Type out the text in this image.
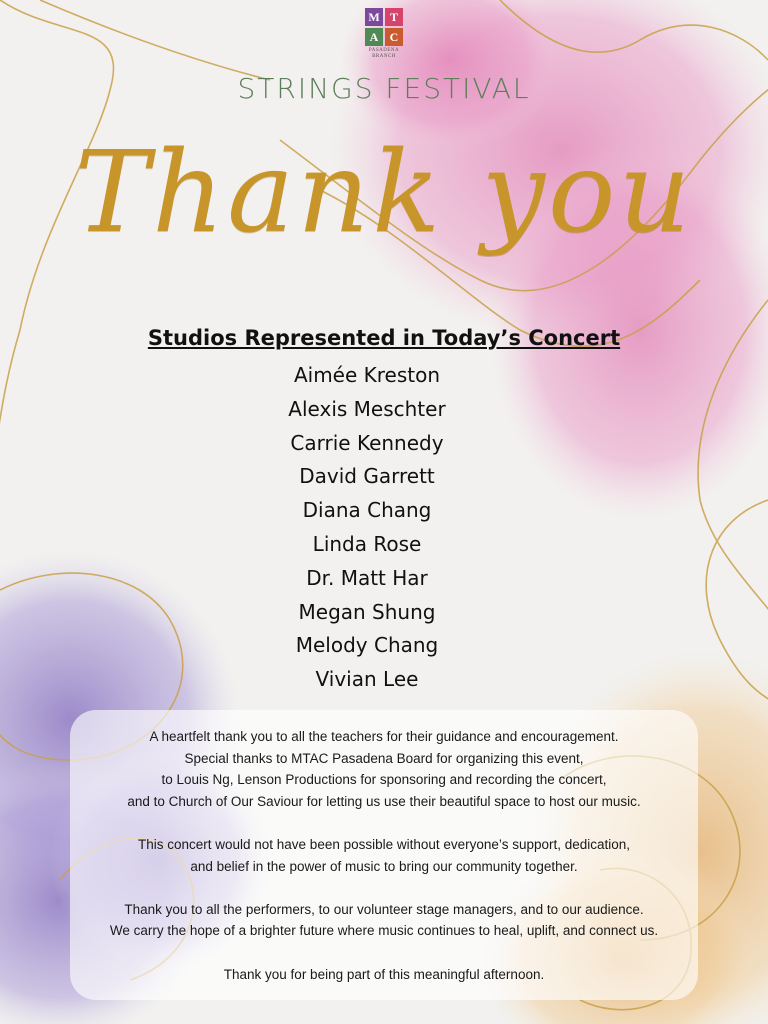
M T
A C
PASADENA BRANCH
STRINGS FESTIVAL
Thank you
Studios Represented in Today’s Concert
Aimée Kreston
Alexis Meschter
Carrie Kennedy
David Garrett
Diana Chang
Linda Rose
Dr. Matt Har
Megan Shung
Melody Chang
Vivian Lee

A heartfelt thank you to all the teachers for their guidance and encouragement.
Special thanks to MTAC Pasadena Board for organizing this event,
to Louis Ng, Lenson Productions for sponsoring and recording the concert,
and to Church of Our Saviour for letting us use their beautiful space to host our music.

This concert would not have been possible without everyone’s support, dedication,
and belief in the power of music to bring our community together.

Thank you to all the performers, to our volunteer stage managers, and to our audience.
We carry the hope of a brighter future where music continues to heal, uplift, and connect us.

Thank you for being part of this meaningful afternoon.
